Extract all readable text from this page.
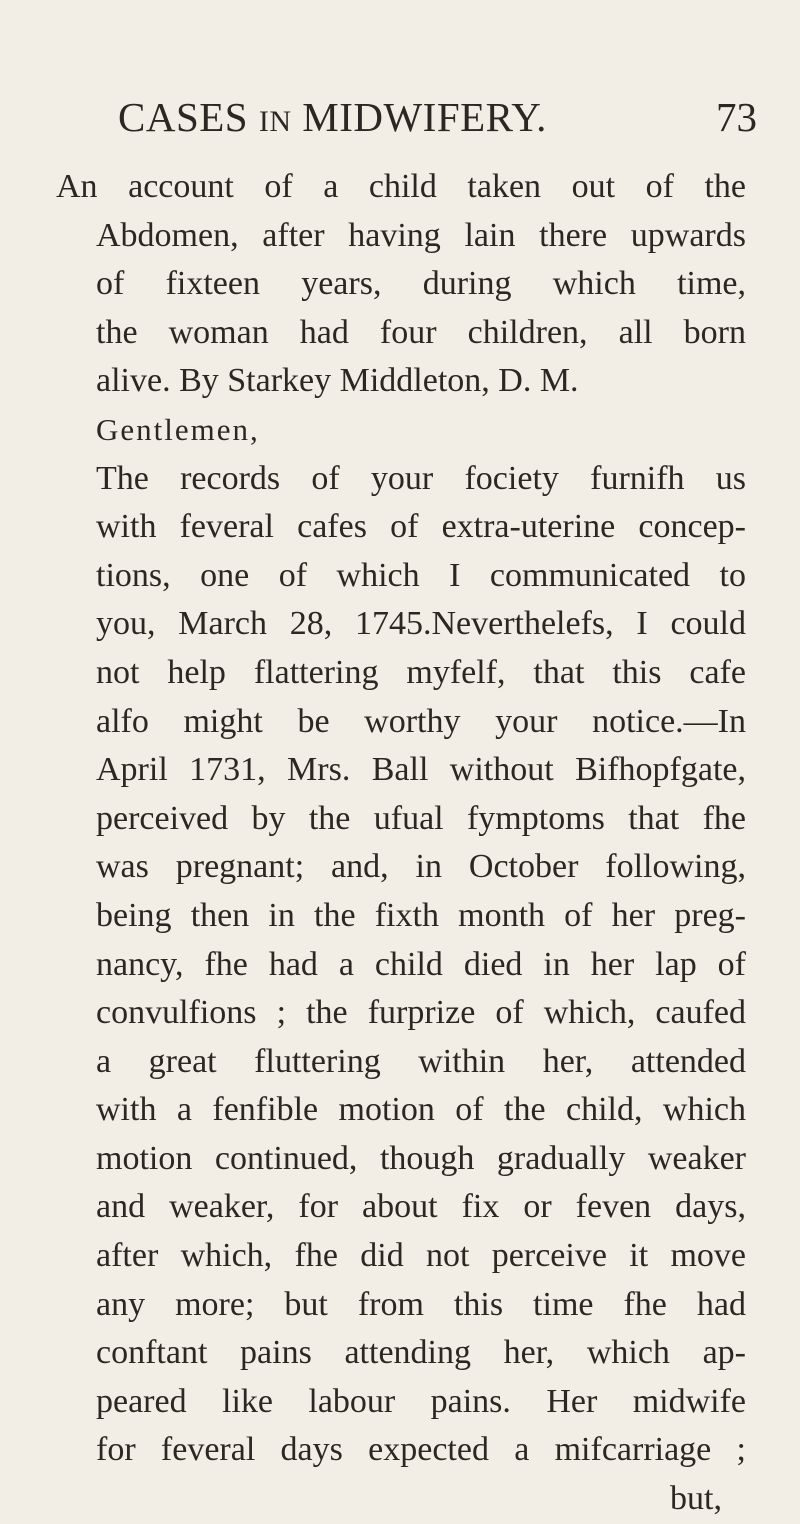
CASES IN MIDWIFERY.	73
An account of a child taken out of the
Abdomen, after having lain there upwards
of fixteen years, during which time,
the woman had four children, all born
alive. By Starkey Middleton, D. M.
Gentlemen,
The records of your fociety furnifh us
with feveral cafes of extra-uterine concep-
tions, one of which I communicated to
you, March 28, 1745.Neverthelefs, I could
not help flattering myfelf, that this cafe
alfo might be worthy your notice.—In
April 1731, Mrs. Ball without Bifhopfgate,
perceived by the ufual fymptoms that fhe
was pregnant; and, in October following,
being then in the fixth month of her preg-
nancy, fhe had a child died in her lap of
convulfions ; the furprize of which, caufed
a great fluttering within her, attended
with a fenfible motion of the child, which
motion continued, though gradually weaker
and weaker, for about fix or feven days,
after which, fhe did not perceive it move
any more; but from this time fhe had
conftant pains attending her, which ap-
peared like labour pains. Her midwife
for feveral days expected a mifcarriage ;
but,
